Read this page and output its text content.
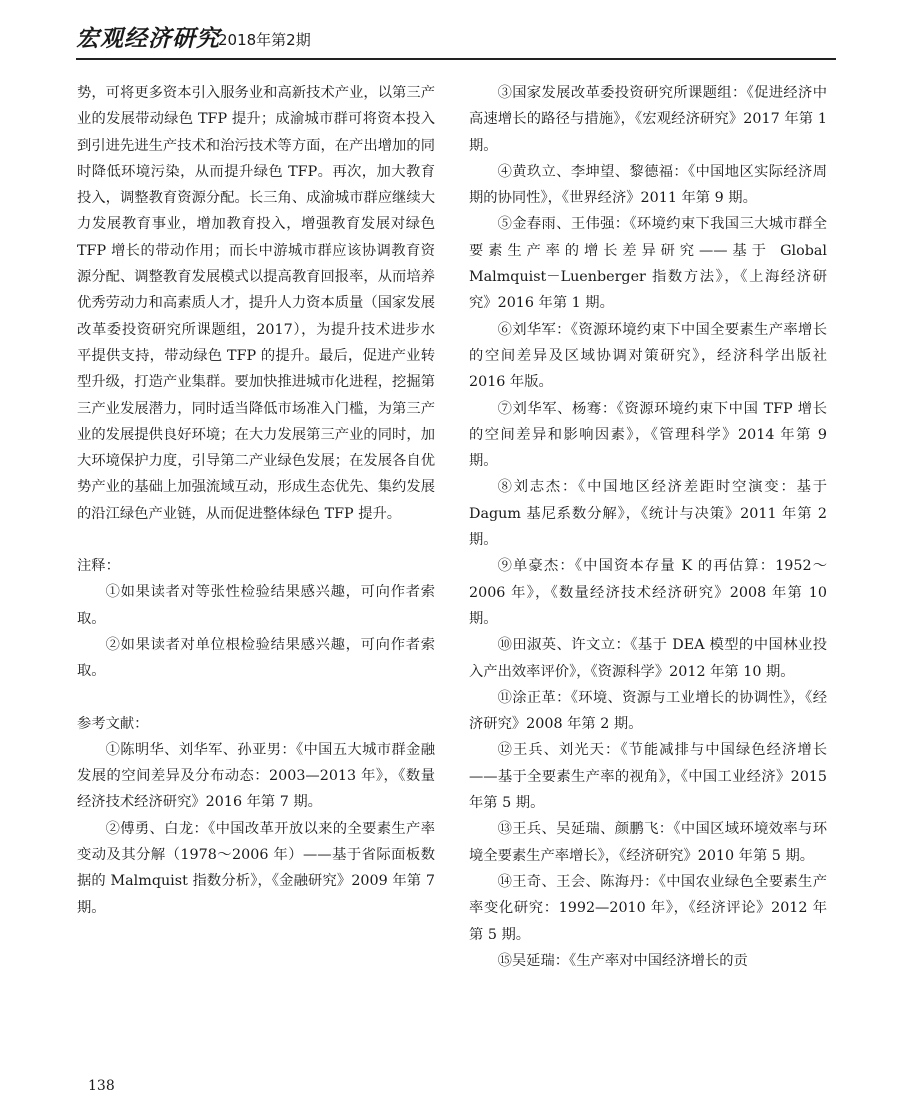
宏观经济研究
2018年第2期

势，可将更多资本引入服务业和高新技术产业，以第三产业的发展带动绿色 TFP 提升；成渝城市群可将资本投入到引进先进生产技术和治污技术等方面，在产出增加的同时降低环境污染，从而提升绿色 TFP。再次，加大教育投入，调整教育资源分配。长三角、成渝城市群应继续大力发展教育事业，增加教育投入，增强教育发展对绿色 TFP 增长的带动作用；而长中游城市群应该协调教育资源分配、调整教育发展模式以提高教育回报率，从而培养优秀劳动力和高素质人才，提升人力资本质量（国家发展改革委投资研究所课题组，2017），为提升技术进步水平提供支持，带动绿色 TFP 的提升。最后，促进产业转型升级，打造产业集群。要加快推进城市化进程，挖掘第三产业发展潜力，同时适当降低市场准入门槛，为第三产业的发展提供良好环境；在大力发展第三产业的同时，加大环境保护力度，引导第二产业绿色发展；在发展各自优势产业的基础上加强流域互动，形成生态优先、集约发展的沿江绿色产业链，从而促进整体绿色 TFP 提升。

注释：

①如果读者对等张性检验结果感兴趣，可向作者索取。

②如果读者对单位根检验结果感兴趣，可向作者索取。

参考文献：

①陈明华、刘华军、孙亚男：《中国五大城市群金融发展的空间差异及分布动态：2003—2013 年》，《数量经济技术经济研究》2016 年第 7 期。

②傅勇、白龙：《中国改革开放以来的全要素生产率变动及其分解（1978～2006 年）——基于省际面板数据的 Malmquist 指数分析》，《金融研究》2009 年第 7 期。

③国家发展改革委投资研究所课题组：《促进经济中高速增长的路径与措施》，《宏观经济研究》2017 年第 1 期。

④黄玖立、李坤望、黎德福：《中国地区实际经济周期的协同性》，《世界经济》2011 年第 9 期。

⑤金春雨、王伟强：《环境约束下我国三大城市群全要素生产率的增长差异研究——基于 Global Malmquist－Luenberger 指数方法》，《上海经济研究》2016 年第 1 期。

⑥刘华军：《资源环境约束下中国全要素生产率增长的空间差异及区域协调对策研究》，经济科学出版社 2016 年版。

⑦刘华军、杨骞：《资源环境约束下中国 TFP 增长的空间差异和影响因素》，《管理科学》2014 年第 9 期。

⑧刘志杰：《中国地区经济差距时空演变：基于 Dagum 基尼系数分解》，《统计与决策》2011 年第 2 期。

⑨单豪杰：《中国资本存量 K 的再估算：1952～2006 年》，《数量经济技术经济研究》2008 年第 10 期。

⑩田淑英、许文立：《基于 DEA 模型的中国林业投入产出效率评价》，《资源科学》2012 年第 10 期。

⑪涂正革：《环境、资源与工业增长的协调性》，《经济研究》2008 年第 2 期。

⑫王兵、刘光天：《节能减排与中国绿色经济增长——基于全要素生产率的视角》，《中国工业经济》2015 年第 5 期。

⑬王兵、吴延瑞、颜鹏飞：《中国区域环境效率与环境全要素生产率增长》，《经济研究》2010 年第 5 期。

⑭王奇、王会、陈海丹：《中国农业绿色全要素生产率变化研究：1992—2010 年》，《经济评论》2012 年第 5 期。

⑮吴延瑞：《生产率对中国经济增长的贡

138
